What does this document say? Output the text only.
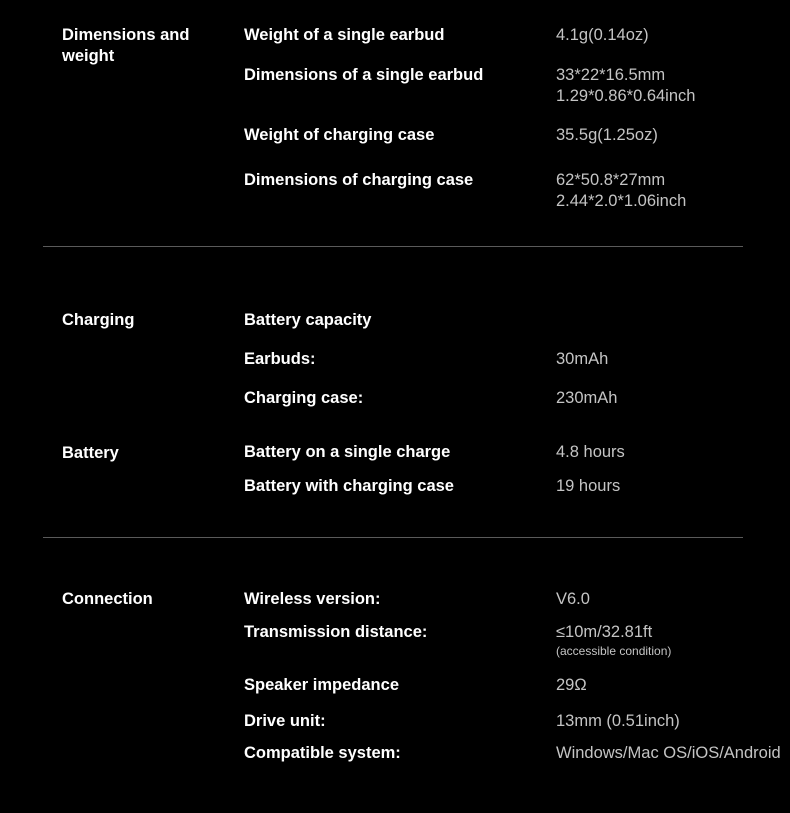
Dimensions and weight
Weight of a single earbud	4.1g(0.14oz)
Dimensions of a single earbud	33*22*16.5mm
1.29*0.86*0.64inch
Weight of charging case	35.5g(1.25oz)
Dimensions of charging case	62*50.8*27mm
2.44*2.0*1.06inch
Charging	Battery capacity
Earbuds:	30mAh
Charging case:	230mAh
Battery	Battery on a single charge	4.8 hours
Battery with charging case	19 hours
Connection	Wireless version:	V6.0
Transmission distance:	≤10m/32.81ft
(accessible condition)
Speaker impedance	29Ω
Drive unit:	13mm (0.51inch)
Compatible system:	Windows/Mac OS/iOS/Android
